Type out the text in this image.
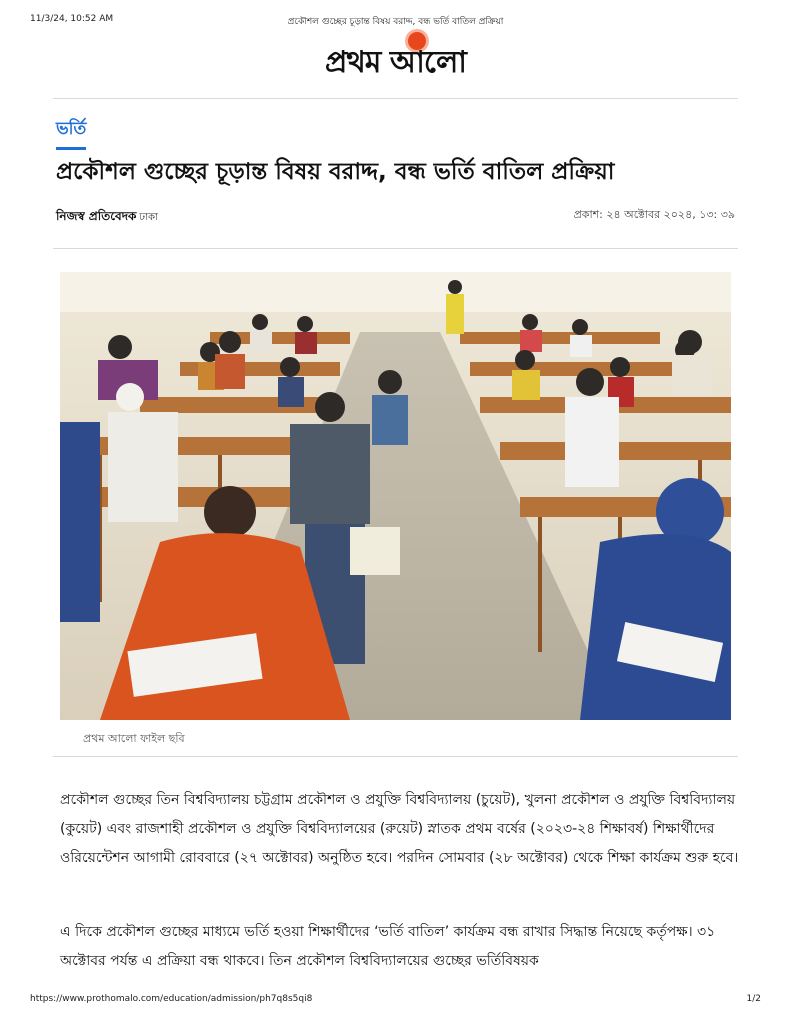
11/3/24, 10:52 AM	প্রকৌশল গুচ্ছের চূড়ান্ত বিষয় বরাদ্দ, বন্ধ ভর্তি বাতিল প্রক্রিয়া
প্রথম আলো
ভর্তি
প্রকৌশল গুচ্ছের চূড়ান্ত বিষয় বরাদ্দ, বন্ধ ভর্তি বাতিল প্রক্রিয়া
নিজস্ব প্রতিবেদক ঢাকা	প্রকাশ: ২৪ অক্টোবর ২০২৪, ১৩: ৩৯
প্রথম আলো ফাইল ছবি

প্রকৌশল গুচ্ছের তিন বিশ্ববিদ্যালয় চট্টগ্রাম প্রকৌশল ও প্রযুক্তি বিশ্ববিদ্যালয় (চুয়েট), খুলনা প্রকৌশল ও প্রযুক্তি বিশ্ববিদ্যালয় (কুয়েট) এবং রাজশাহী প্রকৌশল ও প্রযুক্তি বিশ্ববিদ্যালয়ের (রুয়েট) স্নাতক প্রথম বর্ষের (২০২৩-২৪ শিক্ষাবর্ষ) শিক্ষার্থীদের ওরিয়েন্টেশন আগামী রোববারে (২৭ অক্টোবর) অনুষ্ঠিত হবে। পরদিন সোমবার (২৮ অক্টোবর) থেকে শিক্ষা কার্যক্রম শুরু হবে।

এ দিকে প্রকৌশল গুচ্ছের মাধ্যমে ভর্তি হওয়া শিক্ষার্থীদের ‘ভর্তি বাতিল’ কার্যক্রম বন্ধ রাখার সিদ্ধান্ত নিয়েছে কর্তৃপক্ষ। ৩১ অক্টোবর পর্যন্ত এ প্রক্রিয়া বন্ধ থাকবে। তিন প্রকৌশল বিশ্ববিদ্যালয়ের গুচ্ছের ভর্তিবিষয়ক

https://www.prothomalo.com/education/admission/ph7q8s5qi8	1/2
